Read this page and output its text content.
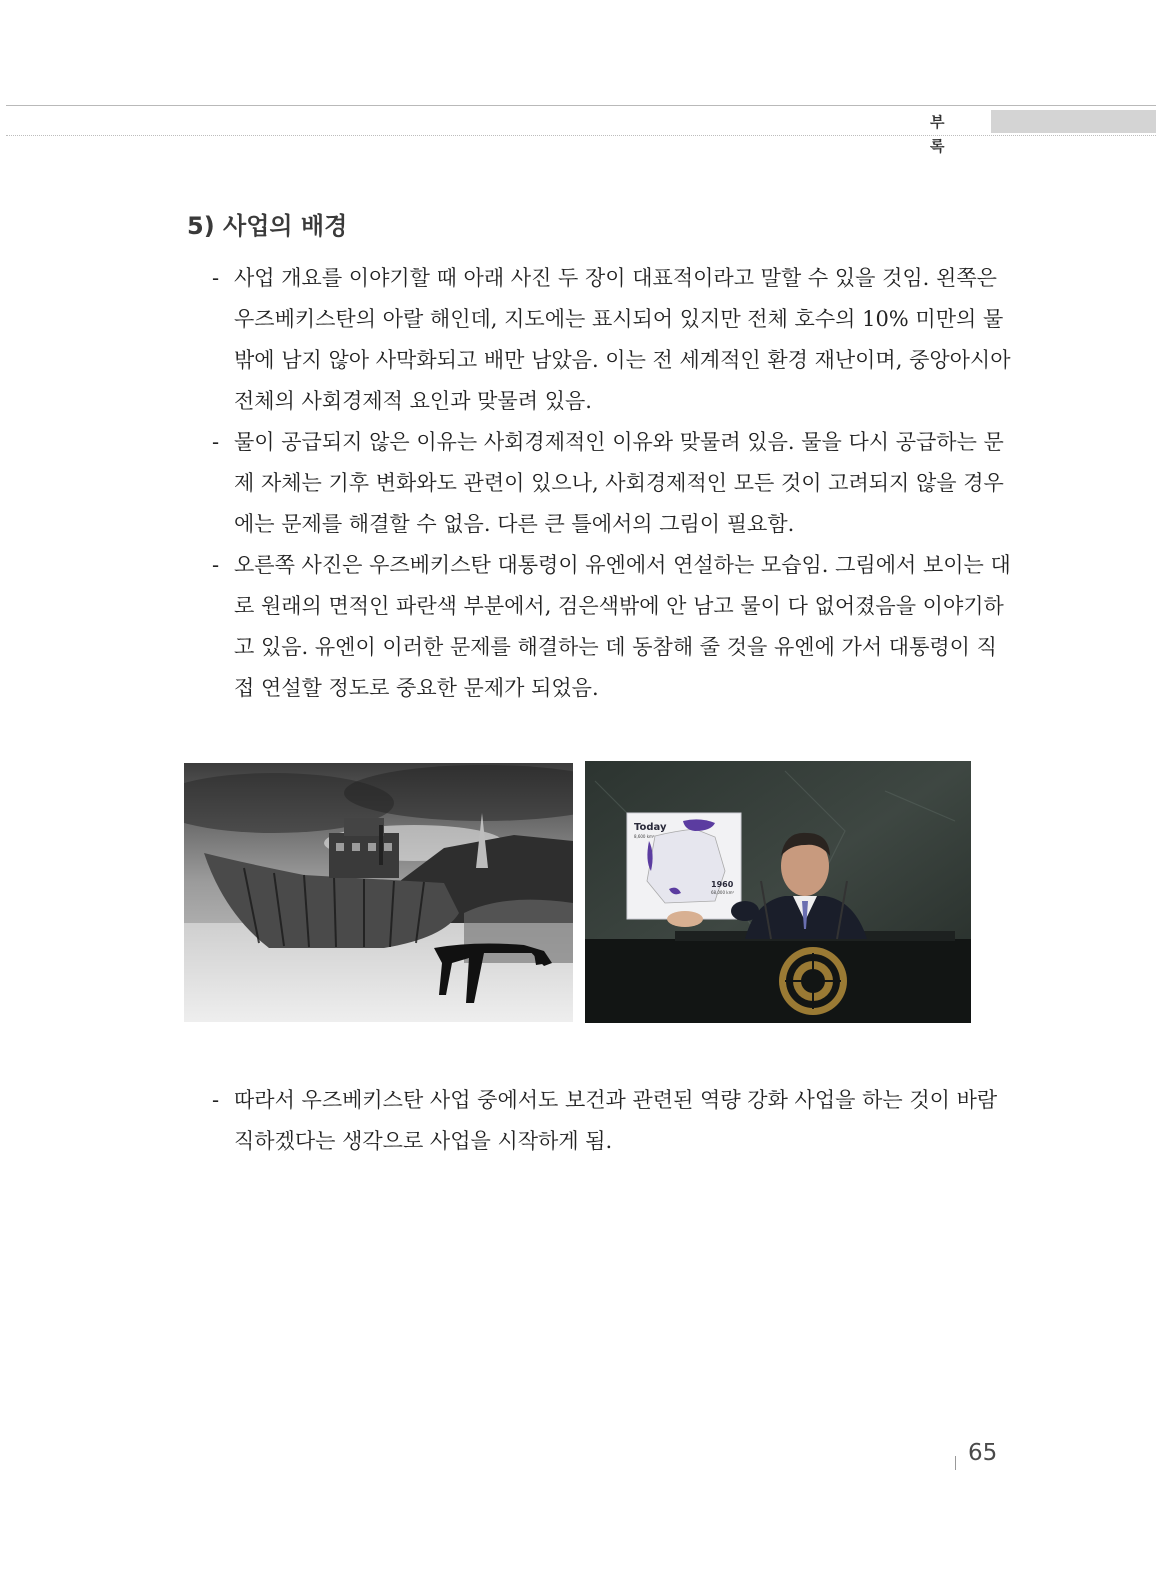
부 록
5) 사업의 배경
- 사업 개요를 이야기할 때 아래 사진 두 장이 대표적이라고 말할 수 있을 것임. 왼쪽은 우즈베키스탄의 아랄 해인데, 지도에는 표시되어 있지만 전체 호수의 10% 미만의 물밖에 남지 않아 사막화되고 배만 남았음. 이는 전 세계적인 환경 재난이며, 중앙아시아 전체의 사회경제적 요인과 맞물려 있음.
- 물이 공급되지 않은 이유는 사회경제적인 이유와 맞물려 있음. 물을 다시 공급하는 문제 자체는 기후 변화와도 관련이 있으나, 사회경제적인 모든 것이 고려되지 않을 경우에는 문제를 해결할 수 없음. 다른 큰 틀에서의 그림이 필요함.
- 오른쪽 사진은 우즈베키스탄 대통령이 유엔에서 연설하는 모습임. 그림에서 보이는 대로 원래의 면적인 파란색 부분에서, 검은색밖에 안 남고 물이 다 없어졌음을 이야기하고 있음. 유엔이 이러한 문제를 해결하는 데 동참해 줄 것을 유엔에 가서 대통령이 직접 연설할 정도로 중요한 문제가 되었음.
Today
8,600 km²
1960
68,000 km²
- 따라서 우즈베키스탄 사업 중에서도 보건과 관련된 역량 강화 사업을 하는 것이 바람직하겠다는 생각으로 사업을 시작하게 됨.
65
